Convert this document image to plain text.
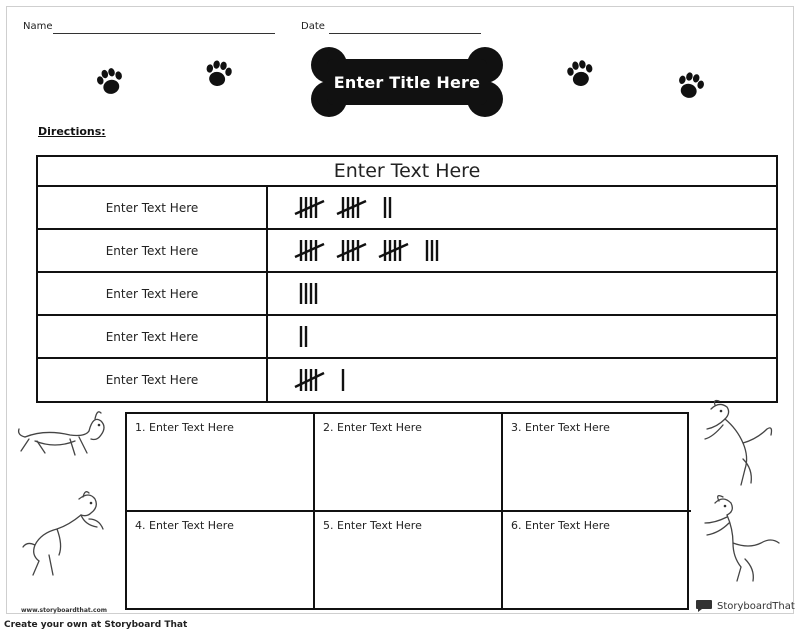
Name	Date
Enter Title Here
Directions:
Enter Text Here
Enter Text Here
Enter Text Here
Enter Text Here
Enter Text Here
Enter Text Here
1. Enter Text Here	2. Enter Text Here	3. Enter Text Here
4. Enter Text Here	5. Enter Text Here	6. Enter Text Here
www.storyboardthat.com	StoryboardThat
Create your own at Storyboard That
